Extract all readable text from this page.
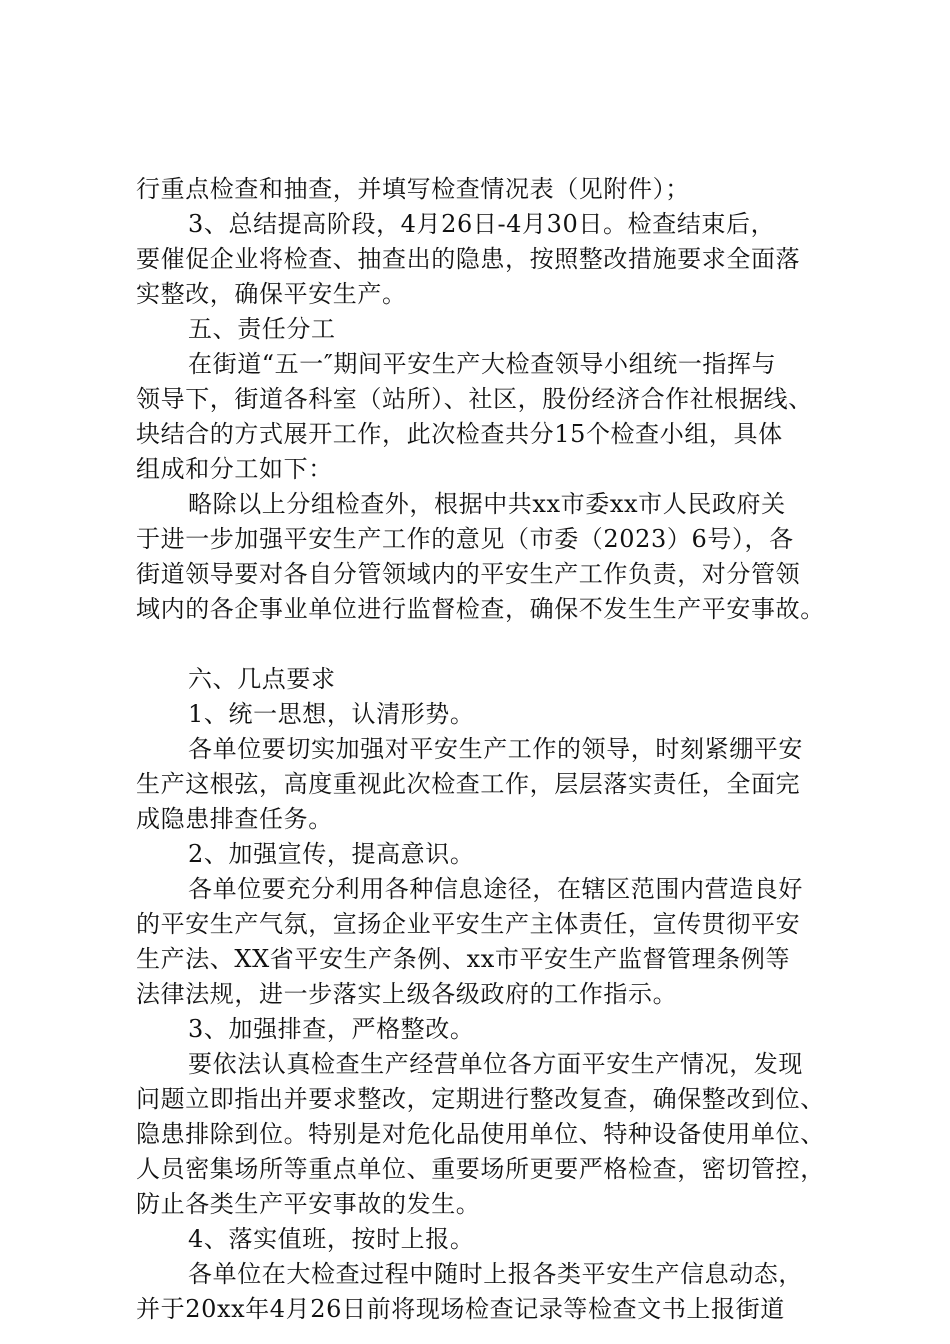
行重点检查和抽查，并填写检查情况表（见附件）；
3、总结提高阶段，4月26日-4月30日。检查结束后，
要催促企业将检查、抽查出的隐患，按照整改措施要求全面落
实整改，确保平安生产。
五、责任分工
在街道“五一″期间平安生产大检查领导小组统一指挥与
领导下，街道各科室（站所）、社区，股份经济合作社根据线、
块结合的方式展开工作，此次检查共分15个检查小组，具体
组成和分工如下：
略除以上分组检查外，根据中共xx市委xx市人民政府关
于进一步加强平安生产工作的意见（市委（2023）6号），各
街道领导要对各自分管领域内的平安生产工作负责，对分管领
域内的各企事业单位进行监督检查，确保不发生生产平安事故。
六、几点要求
1、统一思想，认清形势。
各单位要切实加强对平安生产工作的领导，时刻紧绷平安
生产这根弦，高度重视此次检查工作，层层落实责任，全面完
成隐患排查任务。
2、加强宣传，提高意识。
各单位要充分利用各种信息途径，在辖区范围内营造良好
的平安生产气氛，宣扬企业平安生产主体责任，宣传贯彻平安
生产法、XX省平安生产条例、xx市平安生产监督管理条例等
法律法规，进一步落实上级各级政府的工作指示。
3、加强排查，严格整改。
要依法认真检查生产经营单位各方面平安生产情况，发现
问题立即指出并要求整改，定期进行整改复查，确保整改到位、
隐患排除到位。特别是对危化品使用单位、特种设备使用单位、
人员密集场所等重点单位、重要场所更要严格检查，密切管控，
防止各类生产平安事故的发生。
4、落实值班，按时上报。
各单位在大检查过程中随时上报各类平安生产信息动态，
并于20xx年4月26日前将现场检查记录等检查文书上报街道
